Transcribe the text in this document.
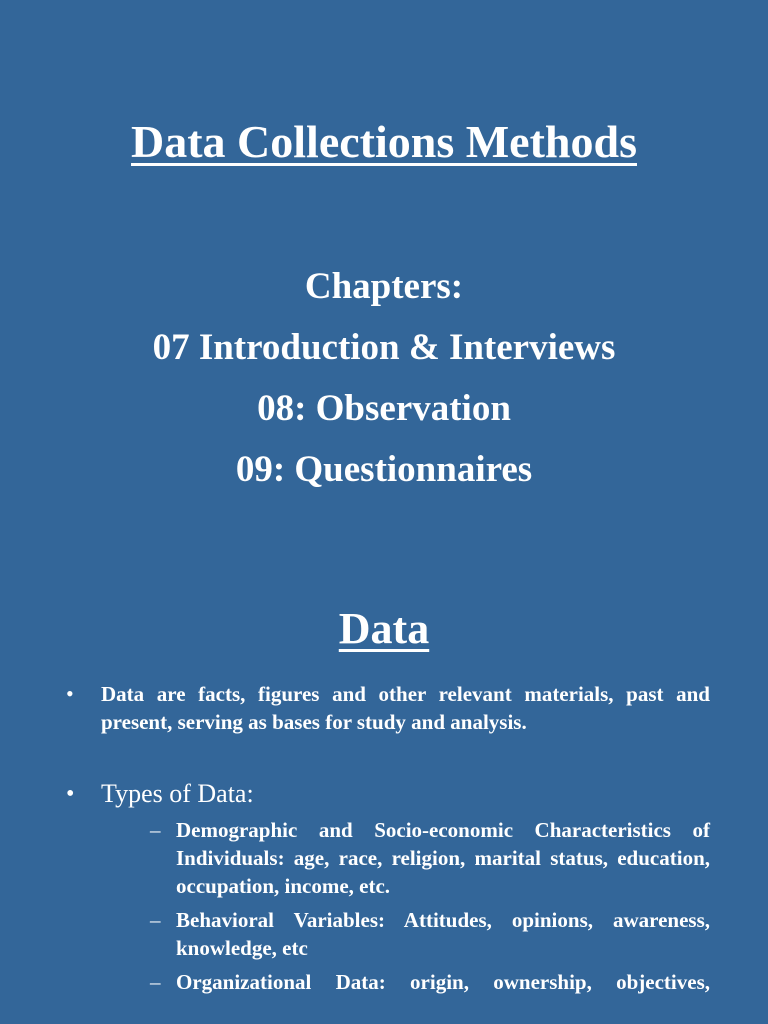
Data Collections Methods
Chapters:
07 Introduction & Interviews
08: Observation
09: Questionnaires
Data
• Data are facts, figures and other relevant materials, past and present, serving as bases for study and analysis.
• Types of Data:
– Demographic and Socio-economic Characteristics of Individuals: age, race, religion, marital status, education, occupation, income, etc.
– Behavioral Variables: Attitudes, opinions, awareness, knowledge, etc
– Organizational Data: origin, ownership, objectives,
